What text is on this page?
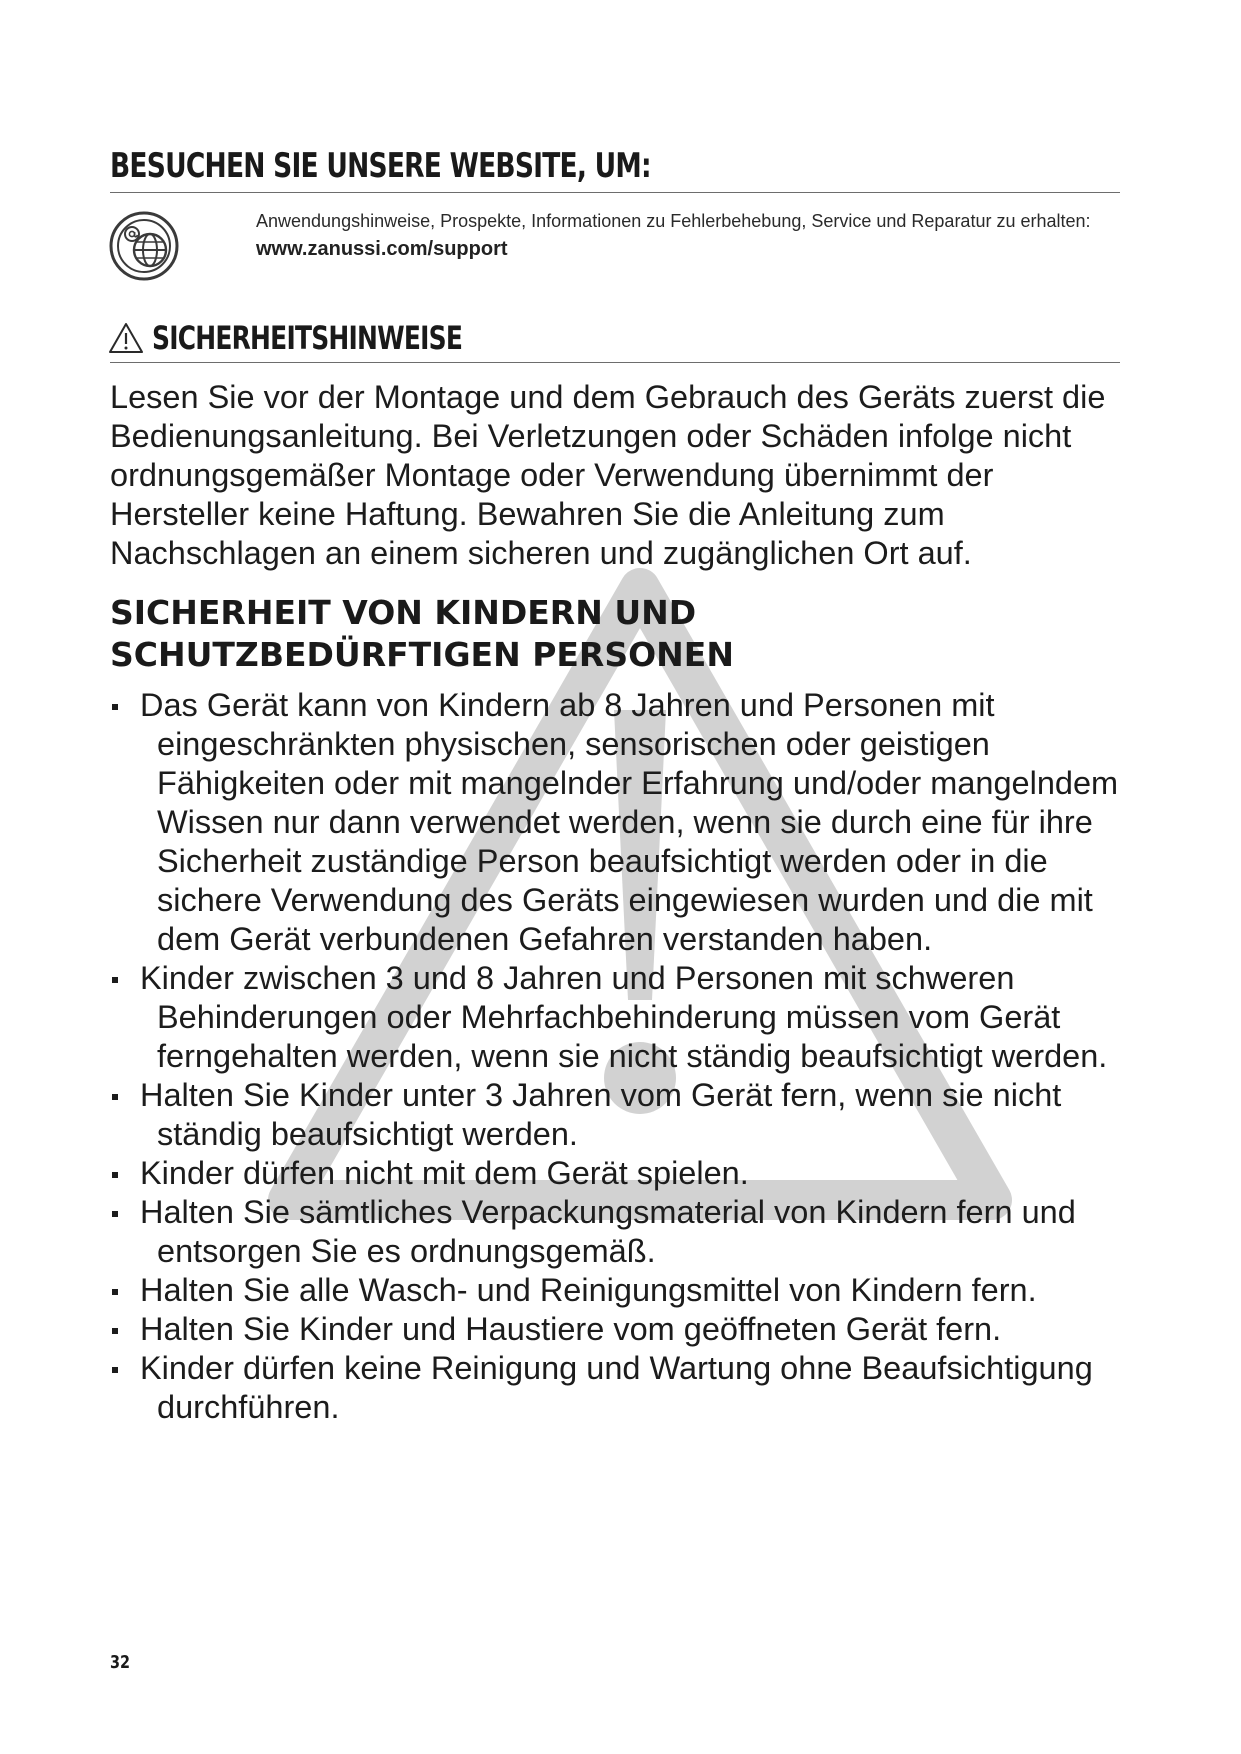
BESUCHEN SIE UNSERE WEBSITE, UM:
Anwendungshinweise, Prospekte, Informationen zu Fehlerbehebung, Service und Reparatur zu erhalten:
www.zanussi.com/support
SICHERHEITSHINWEISE

Lesen Sie vor der Montage und dem Gebrauch des Geräts zuerst die Bedienungsanleitung. Bei Verletzungen oder Schäden infolge nicht ordnungsgemäßer Montage oder Verwendung übernimmt der Hersteller keine Haftung. Bewahren Sie die Anleitung zum Nachschlagen an einem sicheren und zugänglichen Ort auf.

SICHERHEIT VON KINDERN UND
SCHUTZBEDÜRFTIGEN PERSONEN
Das Gerät kann von Kindern ab 8 Jahren und Personen mit eingeschränkten physischen, sensorischen oder geistigen Fähigkeiten oder mit mangelnder Erfahrung und/oder mangelndem Wissen nur dann verwendet werden, wenn sie durch eine für ihre Sicherheit zuständige Person beaufsichtigt werden oder in die sichere Verwendung des Geräts eingewiesen wurden und die mit dem Gerät verbundenen Gefahren verstanden haben.
Kinder zwischen 3 und 8 Jahren und Personen mit schweren Behinderungen oder Mehrfachbehinderung müssen vom Gerät ferngehalten werden, wenn sie nicht ständig beaufsichtigt werden.
Halten Sie Kinder unter 3 Jahren vom Gerät fern, wenn sie nicht ständig beaufsichtigt werden.
Kinder dürfen nicht mit dem Gerät spielen.
Halten Sie sämtliches Verpackungsmaterial von Kindern fern und entsorgen Sie es ordnungsgemäß.
Halten Sie alle Wasch- und Reinigungsmittel von Kindern fern.
Halten Sie Kinder und Haustiere vom geöffneten Gerät fern.
Kinder dürfen keine Reinigung und Wartung ohne Beaufsichtigung durchführen.
32
